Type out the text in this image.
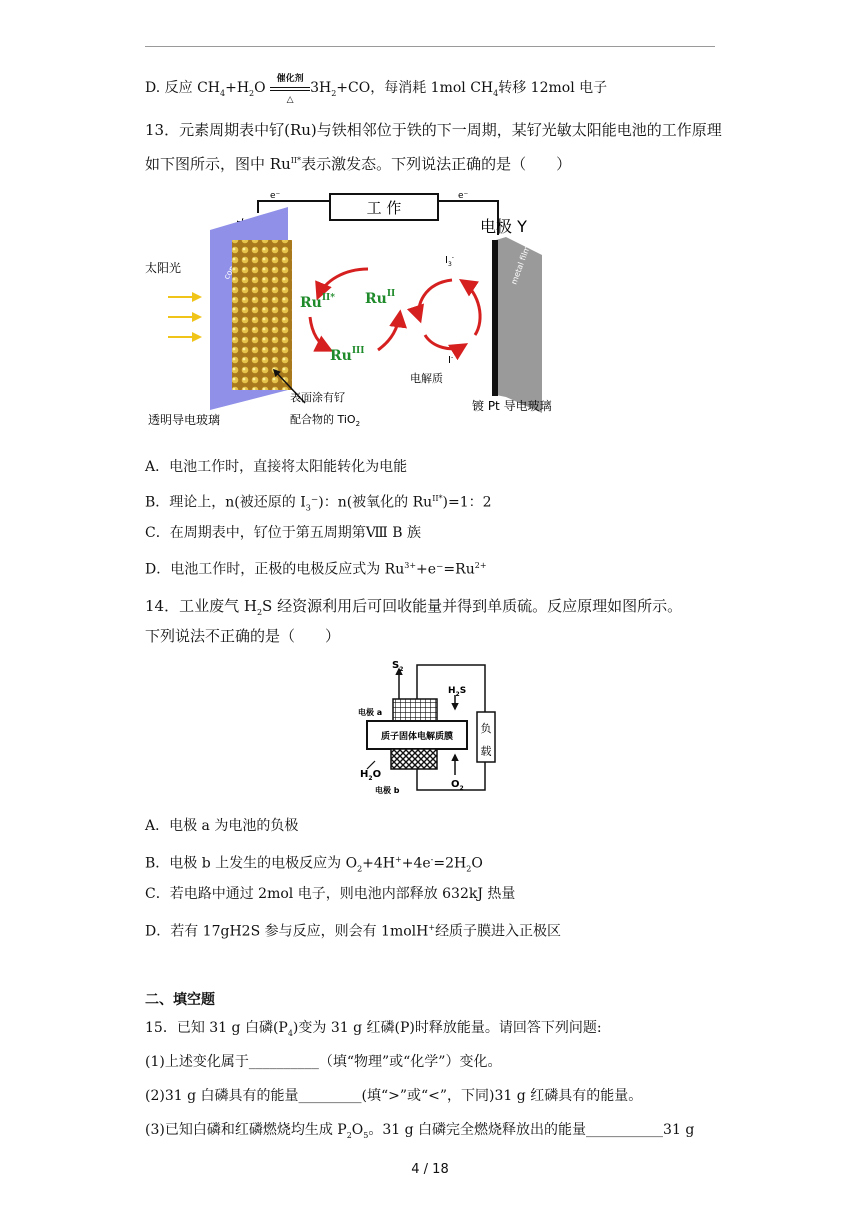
D. 反应 $CH_4+H_2O$
催化剂
△
$3H_2+CO$，每消耗 1mol $CH_4$转移 12mol 电子
13．元素周期表中钌(Ru)与铁相邻位于铁的下一周期，某钌光敏太阳能电池的工作原理
如下图所示，图中 $Ru^{II*}$表示激发态。下列说法正确的是（　　）
工 作
e⁻	e⁻
电极 Y
太阳光
$Ru^{II*}$ $Ru^{II}$
$Ru^{III}$
$I_3^-$
I-
电解质
metal film
表面涂有钌
配合物的 TiO$_2$
透明导电玻璃
镀 Pt 导电玻璃
A．电池工作时，直接将太阳能转化为电能
B．理论上，n(被还原的 $I_3^-$)：n(被氧化的 $Ru^{II*})=1$：2
C．在周期表中，钌位于第五周期第Ⅷ B 族
D．电池工作时，正极的电极反应式为 $Ru^{3+}+e^-=Ru^{2+}$
14．工业废气 $H_2S$ 经资源利用后可回收能量并得到单质硫。反应原理如图所示。
下列说法不正确的是（　　）
负
载
$S_2$
$H_2S$
电极 a
质子固体电解质膜
$H_2O$
电极 b
$O_2$
A．电极 a 为电池的负极
B．电极 b 上发生的电极反应为 $O_2+4H^++4e^-=2H_2O$
C．若电路中通过 2mol 电子，则电池内部释放 632kJ 热量
D．若有 17gH2S 参与反应，则会有 1molH+经质子膜进入正极区
二、填空题
15．已知 31 g 白磷$(P_4)$变为 31 g 红磷(P)时释放能量。请回答下列问题:
(1)上述变化属于__________（填“物理”或“化学”）变化。
(2)31 g 白磷具有的能量_________(填“>”或“<”，下同)31 g 红磷具有的能量。
(3)已知白磷和红磷燃烧均生成 $P_2O_5$。31 g 白磷完全燃烧释放出的能量___________31 g
4 / 18
